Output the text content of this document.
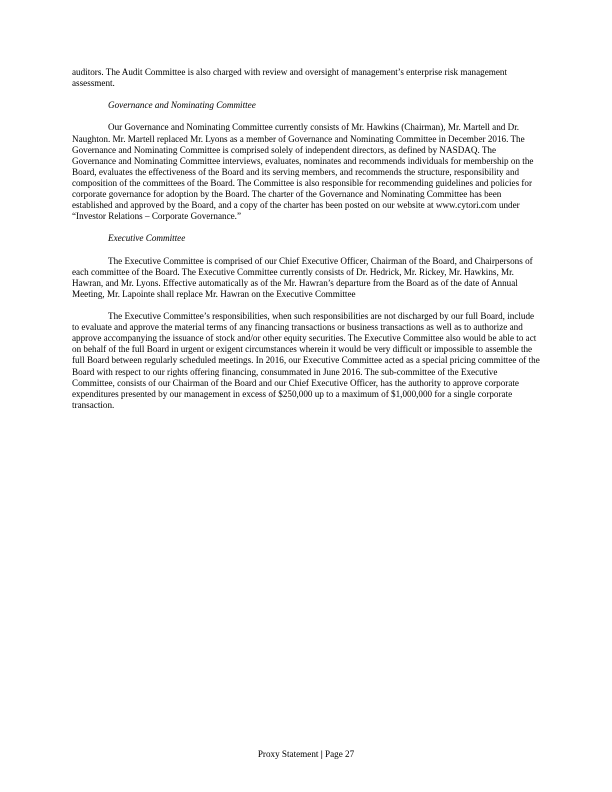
auditors. The Audit Committee is also charged with review and oversight of management’s enterprise risk management assessment.

Governance and Nominating Committee

Our Governance and Nominating Committee currently consists of Mr. Hawkins (Chairman), Mr. Martell and Dr. Naughton. Mr. Martell replaced Mr. Lyons as a member of Governance and Nominating Committee in December 2016. The Governance and Nominating Committee is comprised solely of independent directors, as defined by NASDAQ. The Governance and Nominating Committee interviews, evaluates, nominates and recommends individuals for membership on the Board, evaluates the effectiveness of the Board and its serving members, and recommends the structure, responsibility and composition of the committees of the Board. The Committee is also responsible for recommending guidelines and policies for corporate governance for adoption by the Board. The charter of the Governance and Nominating Committee has been established and approved by the Board, and a copy of the charter has been posted on our website at www.cytori.com under “Investor Relations – Corporate Governance.”

Executive Committee

The Executive Committee is comprised of our Chief Executive Officer, Chairman of the Board, and Chairpersons of each committee of the Board. The Executive Committee currently consists of Dr. Hedrick, Mr. Rickey, Mr. Hawkins, Mr. Hawran, and Mr. Lyons. Effective automatically as of the Mr. Hawran’s departure from the Board as of the date of Annual Meeting, Mr. Lapointe shall replace Mr. Hawran on the Executive Committee

The Executive Committee’s responsibilities, when such responsibilities are not discharged by our full Board, include to evaluate and approve the material terms of any financing transactions or business transactions as well as to authorize and approve accompanying the issuance of stock and/or other equity securities. The Executive Committee also would be able to act on behalf of the full Board in urgent or exigent circumstances wherein it would be very difficult or impossible to assemble the full Board between regularly scheduled meetings. In 2016, our Executive Committee acted as a special pricing committee of the Board with respect to our rights offering financing, consummated in June 2016. The sub-committee of the Executive Committee, consists of our Chairman of the Board and our Chief Executive Officer, has the authority to approve corporate expenditures presented by our management in excess of $250,000 up to a maximum of $1,000,000 for a single corporate transaction.

Proxy Statement | Page 27
